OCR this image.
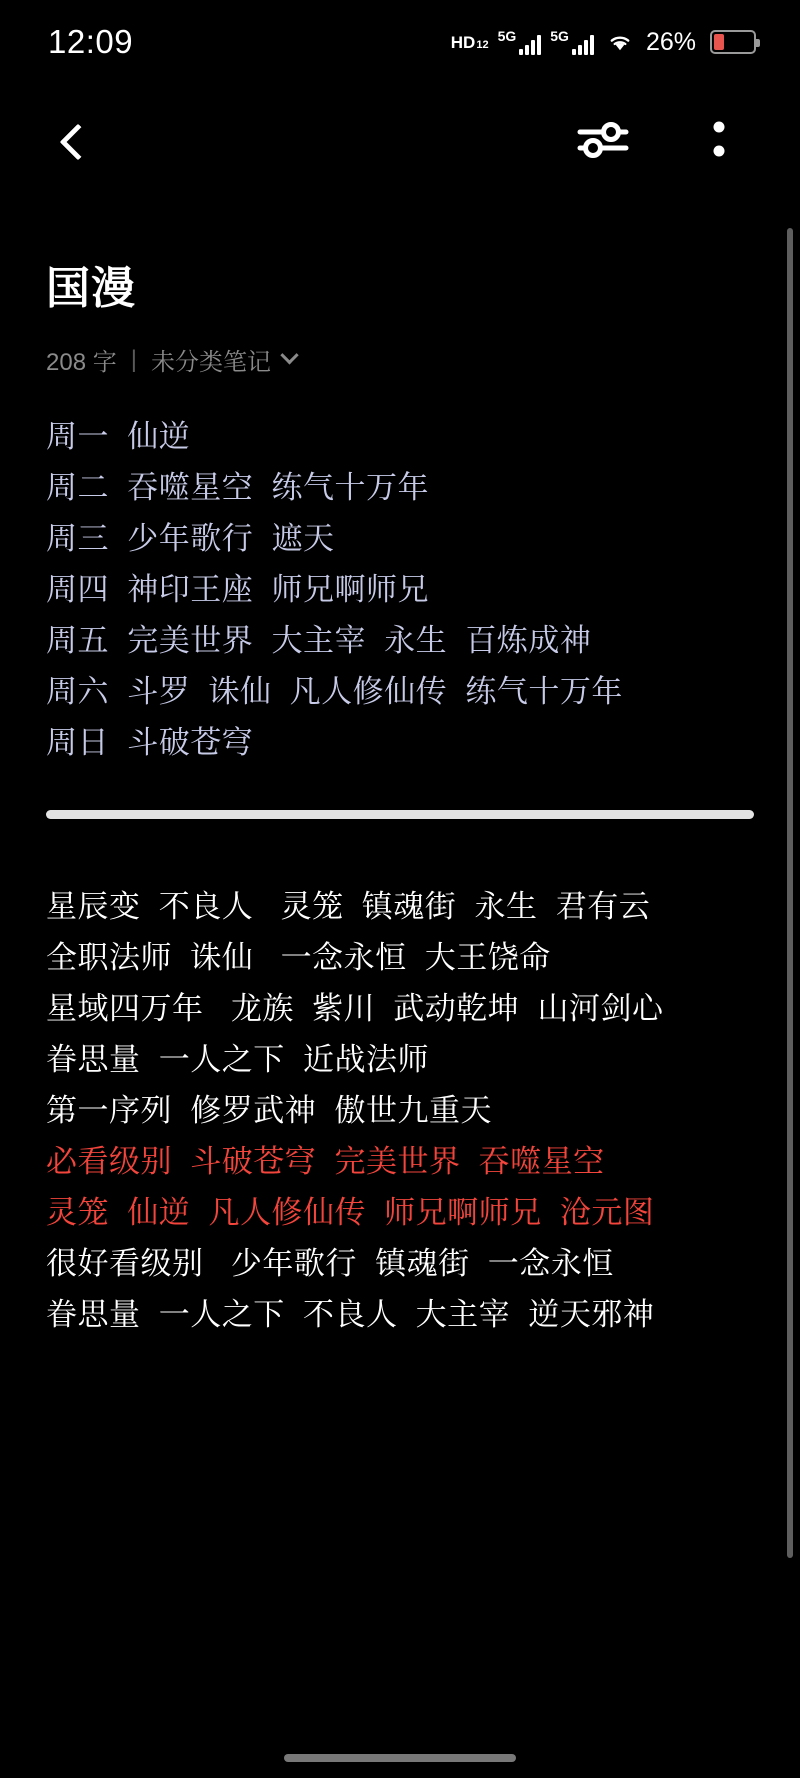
12:09	HD 1 2
5G 5G	26%
国漫
208 字 | 未分类笔记
周一  仙逆
周二  吞噬星空  练气十万年
周三  少年歌行  遮天
周四  神印王座  师兄啊师兄
周五  完美世界  大主宰  永生  百炼成神
周六  斗罗  诛仙  凡人修仙传  练气十万年
周日  斗破苍穹
星辰变  不良人   灵笼  镇魂街  永生  君有云
全职法师  诛仙   一念永恒  大王饶命
星域四万年   龙族  紫川  武动乾坤  山河剑心
眷思量  一人之下  近战法师
第一序列  修罗武神  傲世九重天
必看级别  斗破苍穹  完美世界  吞噬星空
灵笼  仙逆  凡人修仙传  师兄啊师兄  沧元图
很好看级别   少年歌行  镇魂街  一念永恒
眷思量  一人之下  不良人  大主宰  逆天邪神
